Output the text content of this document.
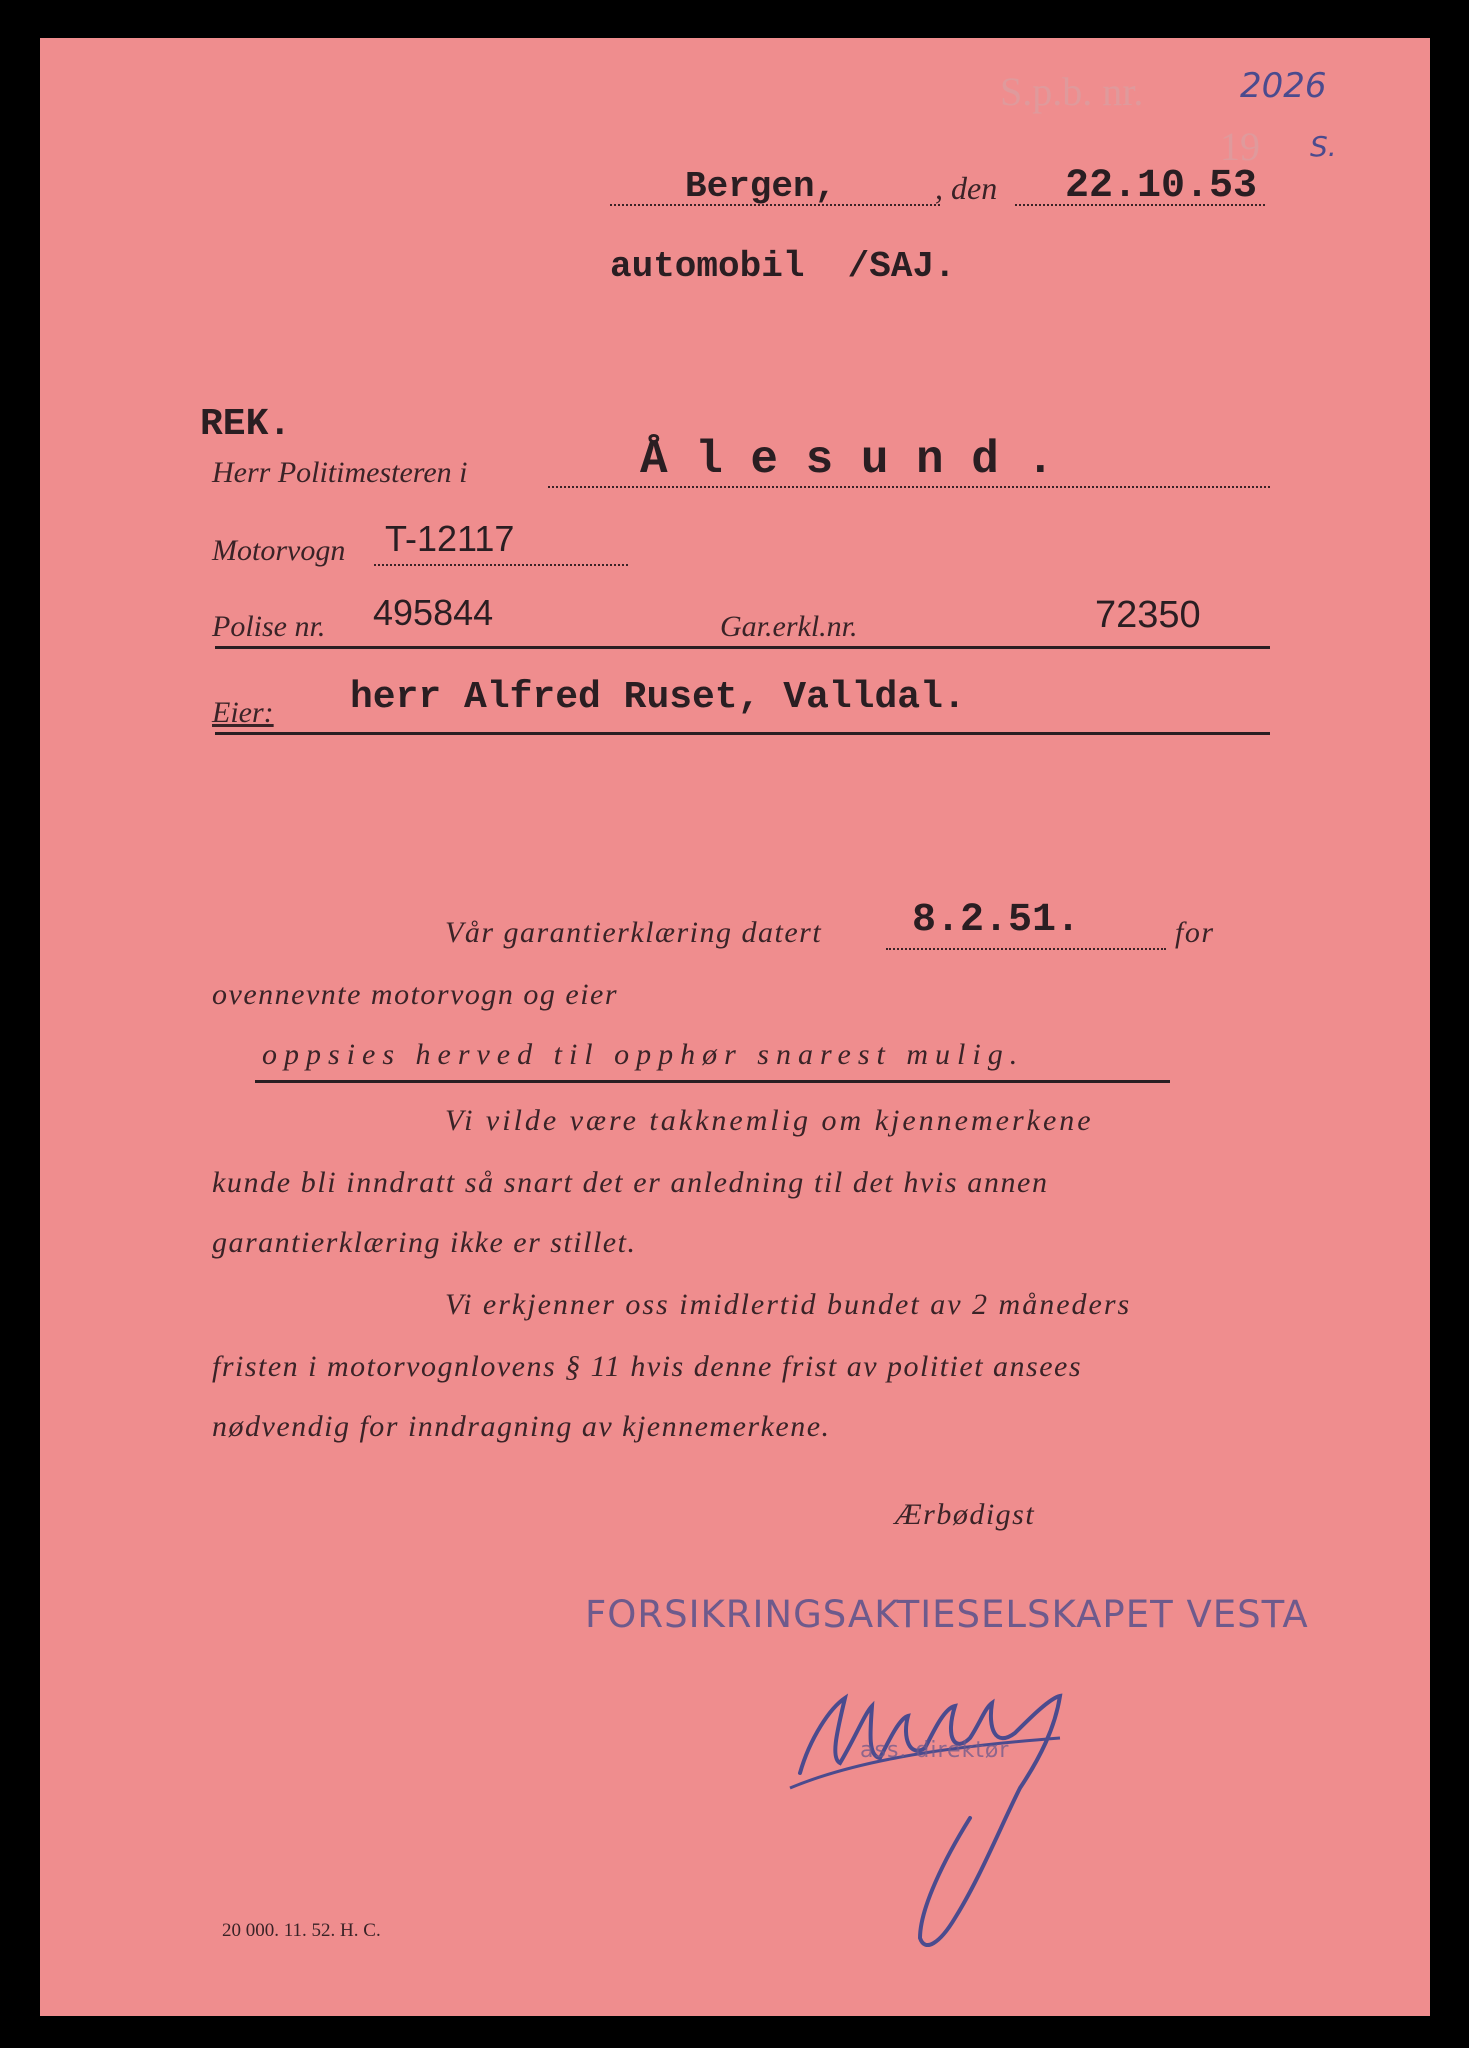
S.p.b. nr.
19
2026
S.
Bergen,	, den 22.10.53
automobil  /SAJ.
REK.
Herr Politimesteren i	Å l e s u n d .
Motorvogn T-12117
Polise nr. 495844	Gar.erkl.nr.	72350
Eier: herr Alfred Ruset, Valldal.
Vår garantierklæring datert 8.2.51.	for
ovennevnte motorvogn og eier
oppsies herved til opphør snarest mulig.
Vi vilde være takknemlig om kjennemerkene
kunde bli inndratt så snart det er anledning til det hvis annen
garantierklæring ikke er stillet.
Vi erkjenner oss imidlertid bundet av 2 måneders
fristen i motorvognlovens § 11 hvis denne frist av politiet ansees
nødvendig for inndragning av kjennemerkene.
Ærbødigst
FORSIKRINGSAKTIESELSKAPET VESTA
ass. direktør
20 000. 11. 52. H. C.
